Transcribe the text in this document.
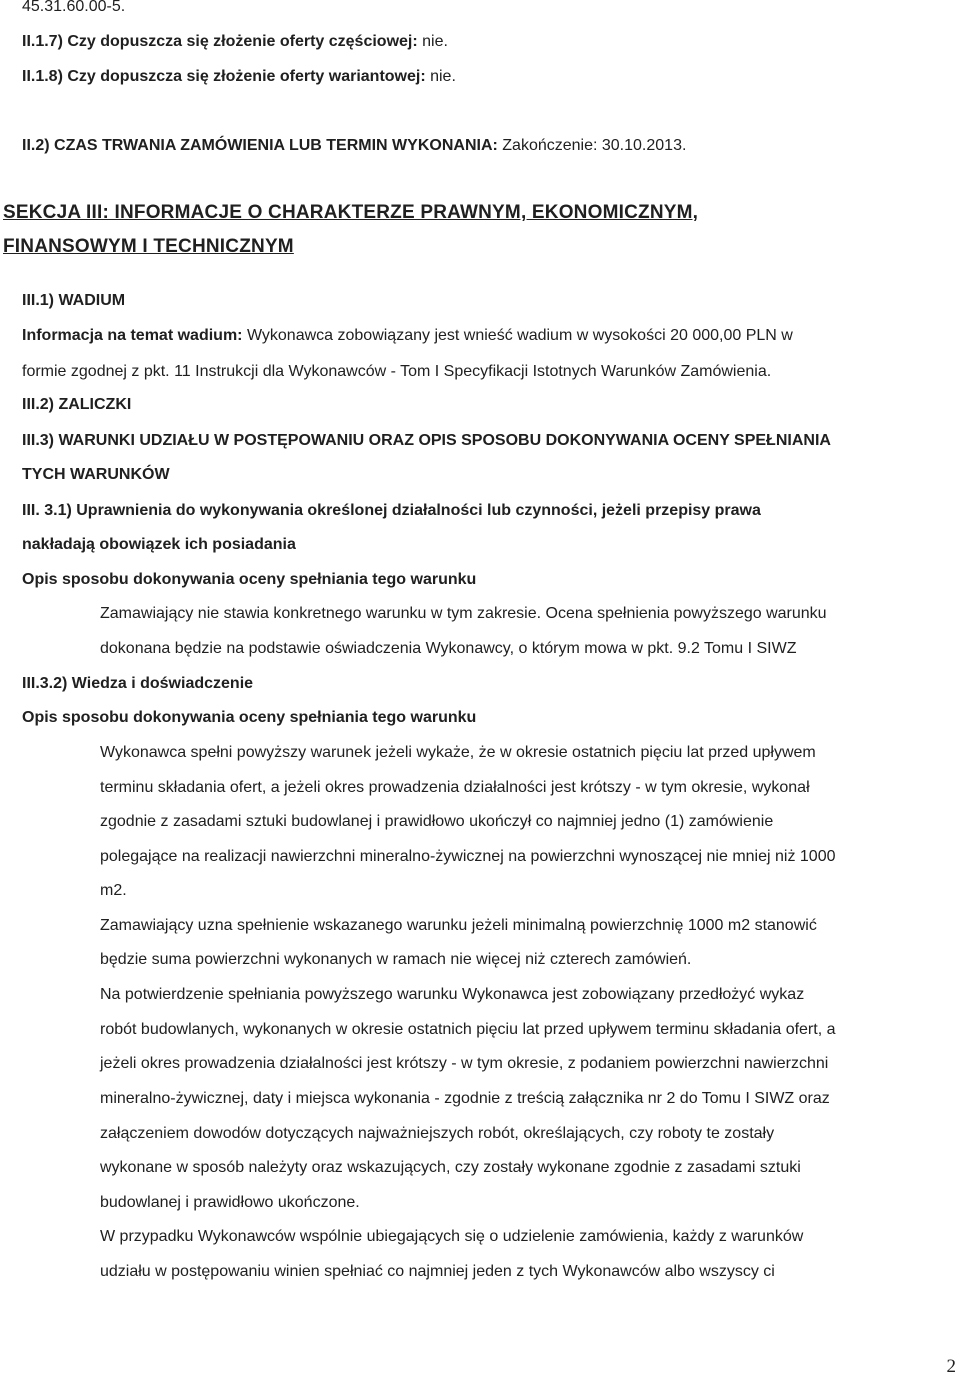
45.31.60.00-5.
II.1.7) Czy dopuszcza się złożenie oferty częściowej: nie.
II.1.8) Czy dopuszcza się złożenie oferty wariantowej: nie.
II.2) CZAS TRWANIA ZAMÓWIENIA LUB TERMIN WYKONANIA: Zakończenie: 30.10.2013.
SEKCJA III: INFORMACJE O CHARAKTERZE PRAWNYM, EKONOMICZNYM,
FINANSOWYM I TECHNICZNYM
III.1) WADIUM
Informacja na temat wadium: Wykonawca zobowiązany jest wnieść wadium w wysokości 20 000,00 PLN w
formie zgodnej z pkt. 11 Instrukcji dla Wykonawców - Tom I Specyfikacji Istotnych Warunków Zamówienia.
III.2) ZALICZKI
III.3) WARUNKI UDZIAŁU W POSTĘPOWANIU ORAZ OPIS SPOSOBU DOKONYWANIA OCENY SPEŁNIANIA
TYCH WARUNKÓW
III. 3.1) Uprawnienia do wykonywania określonej działalności lub czynności, jeżeli przepisy prawa
nakładają obowiązek ich posiadania
Opis sposobu dokonywania oceny spełniania tego warunku
Zamawiający nie stawia konkretnego warunku w tym zakresie. Ocena spełnienia powyższego warunku
dokonana będzie na podstawie oświadczenia Wykonawcy, o którym mowa w pkt. 9.2 Tomu I SIWZ
III.3.2) Wiedza i doświadczenie
Opis sposobu dokonywania oceny spełniania tego warunku
Wykonawca spełni powyższy warunek jeżeli wykaże, że w okresie ostatnich pięciu lat przed upływem
terminu składania ofert, a jeżeli okres prowadzenia działalności jest krótszy - w tym okresie, wykonał
zgodnie z zasadami sztuki budowlanej i prawidłowo ukończył co najmniej jedno (1) zamówienie
polegające na realizacji nawierzchni mineralno-żywicznej na powierzchni wynoszącej nie mniej niż 1000
m2.
Zamawiający uzna spełnienie wskazanego warunku jeżeli minimalną powierzchnię 1000 m2 stanowić
będzie suma powierzchni wykonanych w ramach nie więcej niż czterech zamówień.
Na potwierdzenie spełniania powyższego warunku Wykonawca jest zobowiązany przedłożyć wykaz
robót budowlanych, wykonanych w okresie ostatnich pięciu lat przed upływem terminu składania ofert, a
jeżeli okres prowadzenia działalności jest krótszy - w tym okresie, z podaniem powierzchni nawierzchni
mineralno-żywicznej, daty i miejsca wykonania - zgodnie z treścią załącznika nr 2 do Tomu I SIWZ oraz
załączeniem dowodów dotyczących najważniejszych robót, określających, czy roboty te zostały
wykonane w sposób należyty oraz wskazujących, czy zostały wykonane zgodnie z zasadami sztuki
budowlanej i prawidłowo ukończone.
W przypadku Wykonawców wspólnie ubiegających się o udzielenie zamówienia, każdy z warunków
udziału w postępowaniu winien spełniać co najmniej jeden z tych Wykonawców albo wszyscy ci
2
